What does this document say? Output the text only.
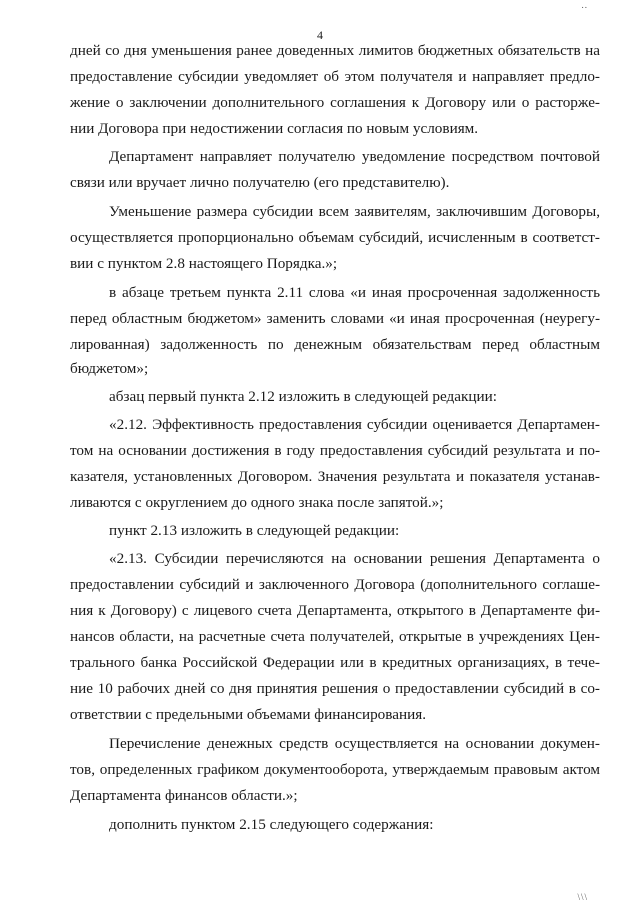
..
4
дней со дня уменьшения ранее доведенных лимитов бюджетных обязательств на
предоставление субсидии уведомляет об этом получателя и направляет предло-
жение о заключении дополнительного соглашения к Договору или о расторже-
нии Договора при недостижении согласия по новым условиям.
Департамент направляет получателю уведомление посредством почтовой
связи или вручает лично получателю (его представителю).
Уменьшение размера субсидии всем заявителям, заключившим Договоры,
осуществляется пропорционально объемам субсидий, исчисленным в соответст-
вии с пунктом 2.8 настоящего Порядка.»;
в абзаце третьем пункта 2.11 слова «и иная просроченная задолженность
перед областным бюджетом» заменить словами «и иная просроченная (неурегу-
лированная) задолженность по денежным обязательствам перед областным
бюджетом»;
абзац первый пункта 2.12 изложить в следующей редакции:
«2.12. Эффективность предоставления субсидии оценивается Департамен-
том на основании достижения в году предоставления субсидий результата и по-
казателя, установленных Договором. Значения результата и показателя устанав-
ливаются с округлением до одного знака после запятой.»;
пункт 2.13 изложить в следующей редакции:
«2.13. Субсидии перечисляются на основании решения Департамента о
предоставлении субсидий и заключенного Договора (дополнительного соглаше-
ния к Договору) с лицевого счета Департамента, открытого в Департаменте фи-
нансов области, на расчетные счета получателей, открытые в учреждениях Цен-
трального банка Российской Федерации или в кредитных организациях, в тече-
ние 10 рабочих дней со дня принятия решения о предоставлении субсидий в со-
ответствии с предельными объемами финансирования.
Перечисление денежных средств осуществляется на основании докумен-
тов, определенных графиком документооборота, утверждаемым правовым актом
Департамента финансов области.»;
дополнить пунктом 2.15 следующего содержания:
\\\
